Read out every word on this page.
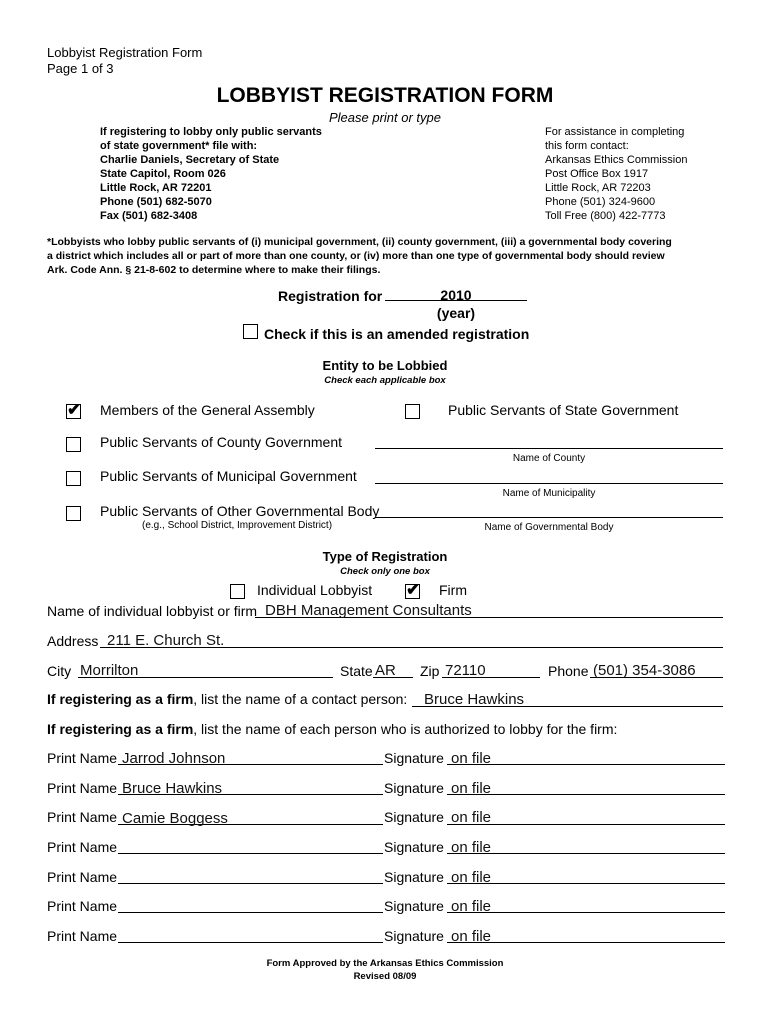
Lobbyist Registration Form
Page 1 of 3
LOBBYIST REGISTRATION FORM
Please print or type
If registering to lobby only public servants
of state government* file with:
Charlie Daniels, Secretary of State
State Capitol, Room 026
Little Rock, AR 72201
Phone (501) 682-5070
Fax (501) 682-3408
For assistance in completing
this form contact:
Arkansas Ethics Commission
Post Office Box 1917
Little Rock, AR 72203
Phone (501) 324-9600
Toll Free (800) 422-7773
*Lobbyists who lobby public servants of (i) municipal government, (ii) county government, (iii) a governmental body covering
a district which includes all or part of more than one county, or (iv) more than one type of governmental body should review
Ark. Code Ann. § 21-8-602 to determine where to make their filings.
Registration for	2010
(year)
Check if this is an amended registration
Entity to be Lobbied
Check each applicable box
✔ Members of the General Assembly	Public Servants of State Government
Public Servants of County Government
Name of County
Public Servants of Municipal Government
Name of Municipality
Public Servants of Other Governmental Body
(e.g., School District, Improvement District)	Name of Governmental Body
Type of Registration
Check only one box
Individual Lobbyist ✔ Firm
Name of individual lobbyist or firm DBH Management Consultants
Address 211 E. Church St.
City Morrilton	State AR Zip 72110	Phone (501) 354-3086
If registering as a firm, list the name of a contact person: Bruce Hawkins
If registering as a firm, list the name of each person who is authorized to lobby for the firm:
Print Name Jarrod Johnson	Signature on file
Print Name Bruce Hawkins	Signature on file
Print Name Camie Boggess	Signature on file
Print Name	Signature on file
Print Name	Signature on file
Print Name	Signature on file
Print Name	Signature on file
Form Approved by the Arkansas Ethics Commission
Revised 08/09
